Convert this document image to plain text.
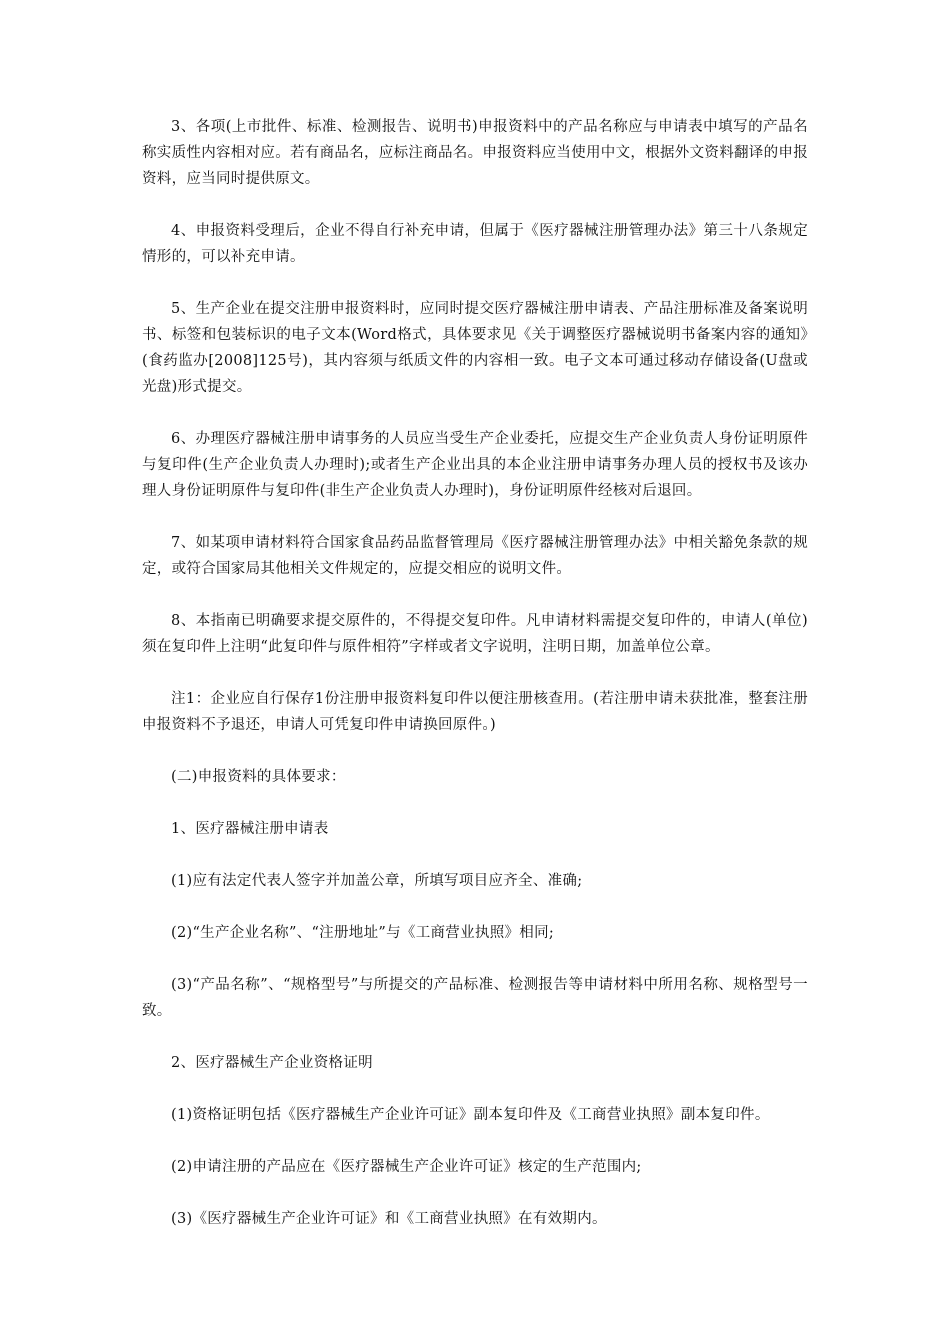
3、各项(上市批件、标准、检测报告、说明书)申报资料中的产品名称应与申请表中填写的产品名称实质性内容相对应。若有商品名，应标注商品名。申报资料应当使用中文，根据外文资料翻译的申报资料，应当同时提供原文。

4、申报资料受理后，企业不得自行补充申请，但属于《医疗器械注册管理办法》第三十八条规定情形的，可以补充申请。

5、生产企业在提交注册申报资料时，应同时提交医疗器械注册申请表、产品注册标准及备案说明书、标签和包装标识的电子文本(Word格式，具体要求见《关于调整医疗器械说明书备案内容的通知》(食药监办[2008]125号)，其内容须与纸质文件的内容相一致。电子文本可通过移动存储设备(U盘或光盘)形式提交。

6、办理医疗器械注册申请事务的人员应当受生产企业委托，应提交生产企业负责人身份证明原件与复印件(生产企业负责人办理时);或者生产企业出具的本企业注册申请事务办理人员的授权书及该办理人身份证明原件与复印件(非生产企业负责人办理时)，身份证明原件经核对后退回。

7、如某项申请材料符合国家食品药品监督管理局《医疗器械注册管理办法》中相关豁免条款的规定，或符合国家局其他相关文件规定的，应提交相应的说明文件。

8、本指南已明确要求提交原件的，不得提交复印件。凡申请材料需提交复印件的，申请人(单位)须在复印件上注明“此复印件与原件相符”字样或者文字说明，注明日期，加盖单位公章。

注1：企业应自行保存1份注册申报资料复印件以便注册核查用。(若注册申请未获批准，整套注册申报资料不予退还，申请人可凭复印件申请换回原件。)

(二)申报资料的具体要求：

1、医疗器械注册申请表

(1)应有法定代表人签字并加盖公章，所填写项目应齐全、准确;

(2)“生产企业名称”、“注册地址”与《工商营业执照》相同;

(3)“产品名称”、“规格型号”与所提交的产品标准、检测报告等申请材料中所用名称、规格型号一致。

2、医疗器械生产企业资格证明

(1)资格证明包括《医疗器械生产企业许可证》副本复印件及《工商营业执照》副本复印件。

(2)申请注册的产品应在《医疗器械生产企业许可证》核定的生产范围内;

(3)《医疗器械生产企业许可证》和《工商营业执照》在有效期内。
